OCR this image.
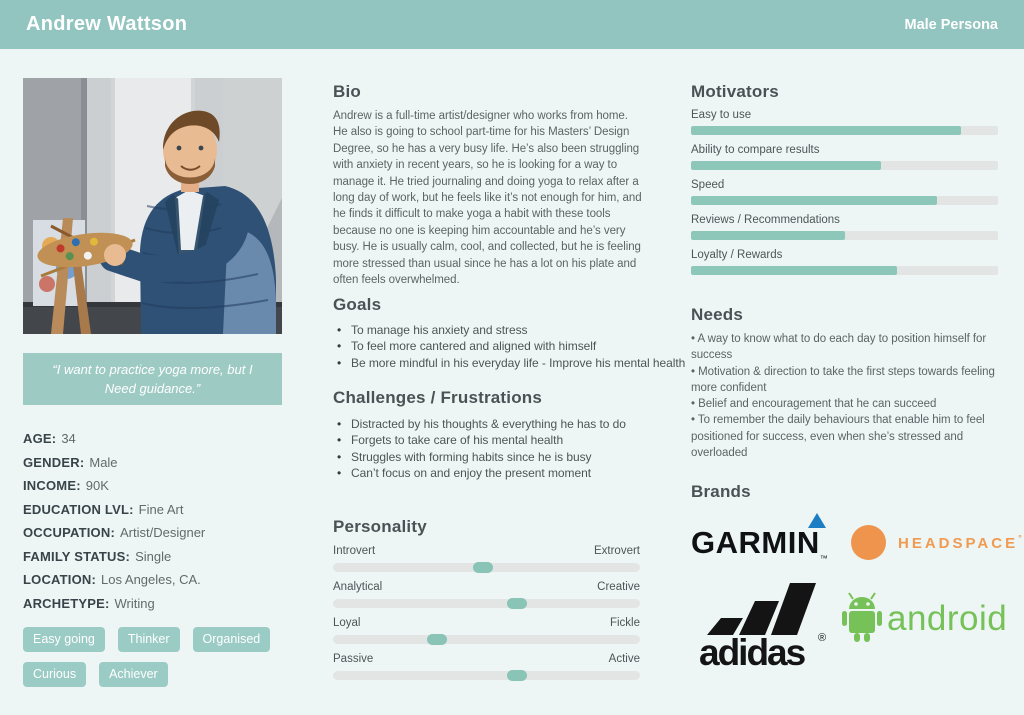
Andrew Wattson	Male Persona
“I want to practice yoga more, but I
Need guidance.”
AGE: 34
GENDER: Male
INCOME: 90K
EDUCATION LVL: Fine Art
OCCUPATION: Artist/Designer
FAMILY STATUS: Single
LOCATION: Los Angeles, CA.
ARCHETYPE: Writing
Easy going	Thinker	Organised
Curious	Achiever
Bio

Andrew is a full-time artist/designer who works from home. He also is going to school part-time for his Masters’ Design Degree, so he has a very busy life. He’s also been struggling with anxiety in recent years, so he is looking for a way to manage it. He tried journaling and doing yoga to relax after a long day of work, but he feels like it’s not enough for him, and he finds it difficult to make yoga a habit with these tools because no one is keeping him accountable and he’s very busy. He is usually calm, cool, and collected, but he is feeling more stressed than usual since he has a lot on his plate and often feels overwhelmed.

Goals
• To manage his anxiety and stress
• To feel more cantered and aligned with himself
• Be more mindful in his everyday life - Improve his mental health
Challenges / Frustrations
• Distracted by his thoughts & everything he has to do
• Forgets to take care of his mental health
• Struggles with forming habits since he is busy
• Can’t focus on and enjoy the present moment
Personality
Introvert	Extrovert
Analytical	Creative
Loyal	Fickle
Passive	Active
Motivators
Easy to use
Ability to compare results
Speed
Reviews / Recommendations
Loyalty / Rewards
Needs

• A way to know what to do each day to position himself for success

• Motivation & direction to take the first steps towards feeling more confident

• Belief and encouragement that he can succeed

• To remember the daily behaviours that enable him to feel positioned for success, even when she’s stressed and overloaded

Brands
$GARMIN_™$
HEADSPACE°
adidas ® android
